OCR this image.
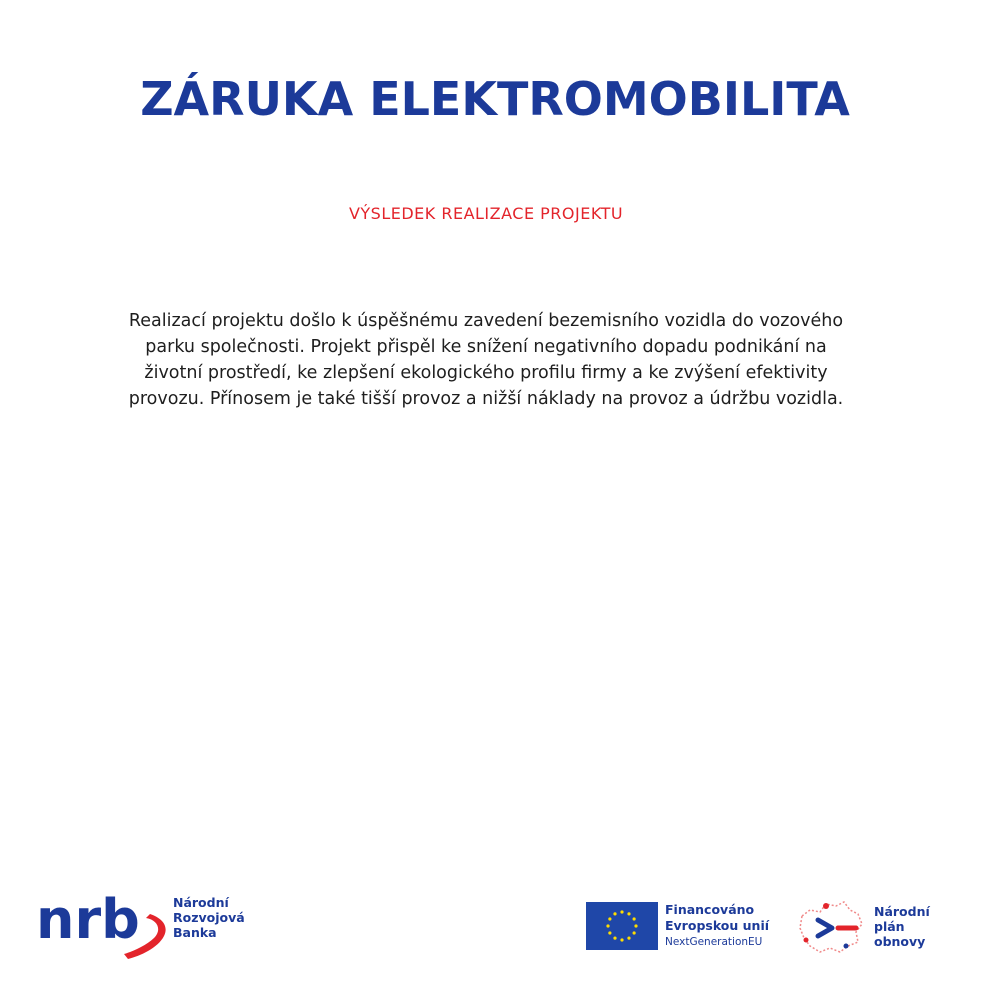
ZÁRUKA ELEKTROMOBILITA

VÝSLEDEK REALIZACE PROJEKTU

Realizací projektu došlo k úspěšnému zavedení bezemisního vozidla do vozového parku společnosti. Projekt přispěl ke snížení negativního dopadu podnikání na životní prostředí, ke zlepšení ekologického profilu firmy a ke zvýšení efektivity provozu. Přínosem je také tišší provoz a nižší náklady na provoz a údržbu vozidla.

nrb	Národní
Rozvojová
Banka
Financováno
Evropskou unií
NextGenerationEU
Národní
plán
obnovy
